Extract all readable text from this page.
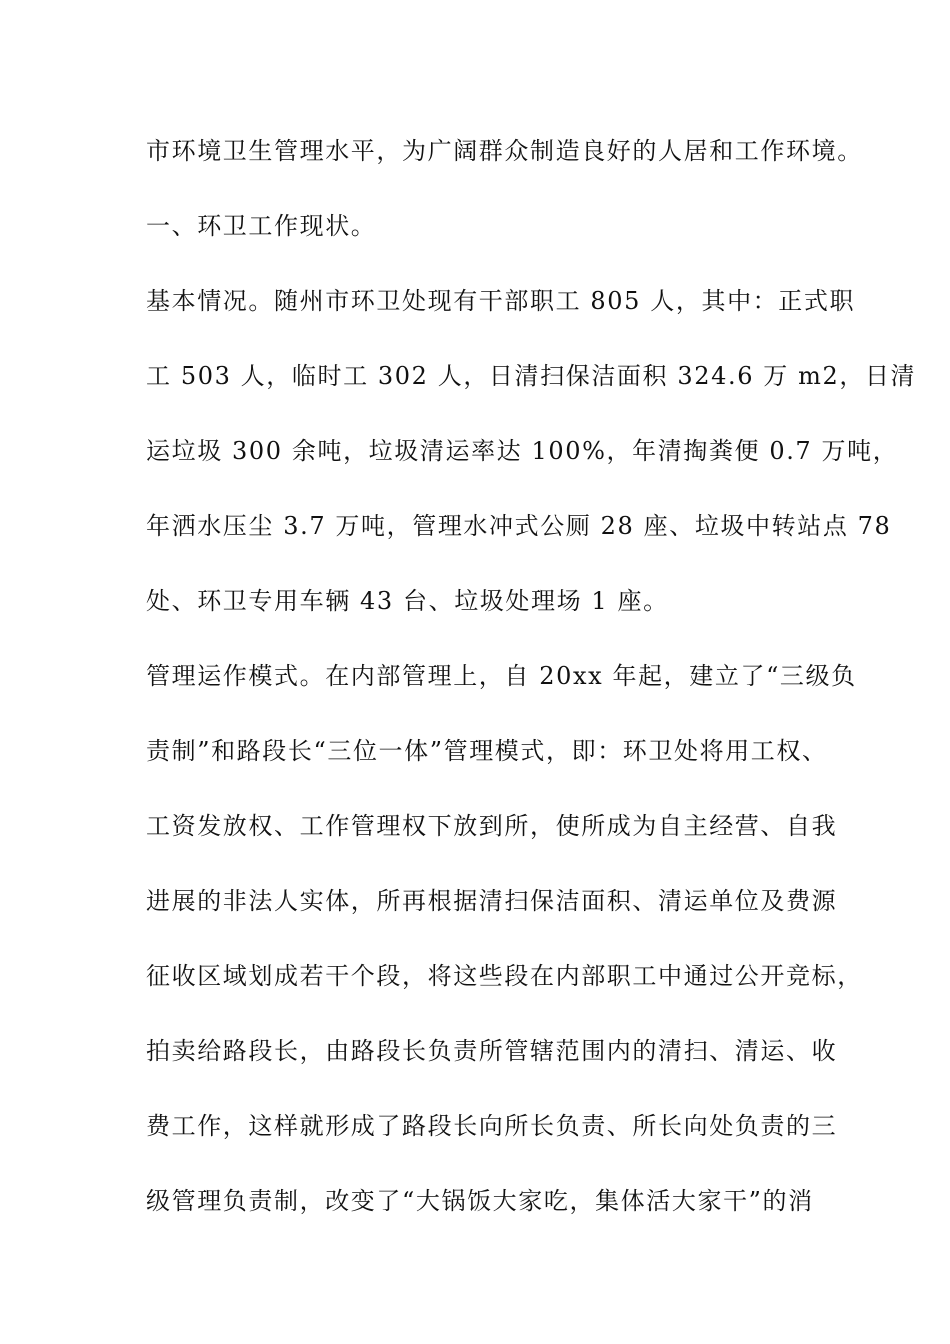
市环境卫生管理水平，为广阔群众制造良好的人居和工作环境。
一、环卫工作现状。
基本情况。随州市环卫处现有干部职工 805 人，其中：正式职
工 503 人，临时工 302 人，日清扫保洁面积 324.6 万 m2，日清
运垃圾 300 余吨，垃圾清运率达 100%，年清掏粪便 0.7 万吨，
年洒水压尘 3.7 万吨，管理水冲式公厕 28 座、垃圾中转站点 78
处、环卫专用车辆 43 台、垃圾处理场 1 座。
管理运作模式。在内部管理上，自 20xx 年起，建立了“三级负
责制”和路段长“三位一体”管理模式，即：环卫处将用工权、
工资发放权、工作管理权下放到所，使所成为自主经营、自我
进展的非法人实体，所再根据清扫保洁面积、清运单位及费源
征收区域划成若干个段，将这些段在内部职工中通过公开竞标，
拍卖给路段长，由路段长负责所管辖范围内的清扫、清运、收
费工作，这样就形成了路段长向所长负责、所长向处负责的三
级管理负责制，改变了“大锅饭大家吃，集体活大家干”的消
